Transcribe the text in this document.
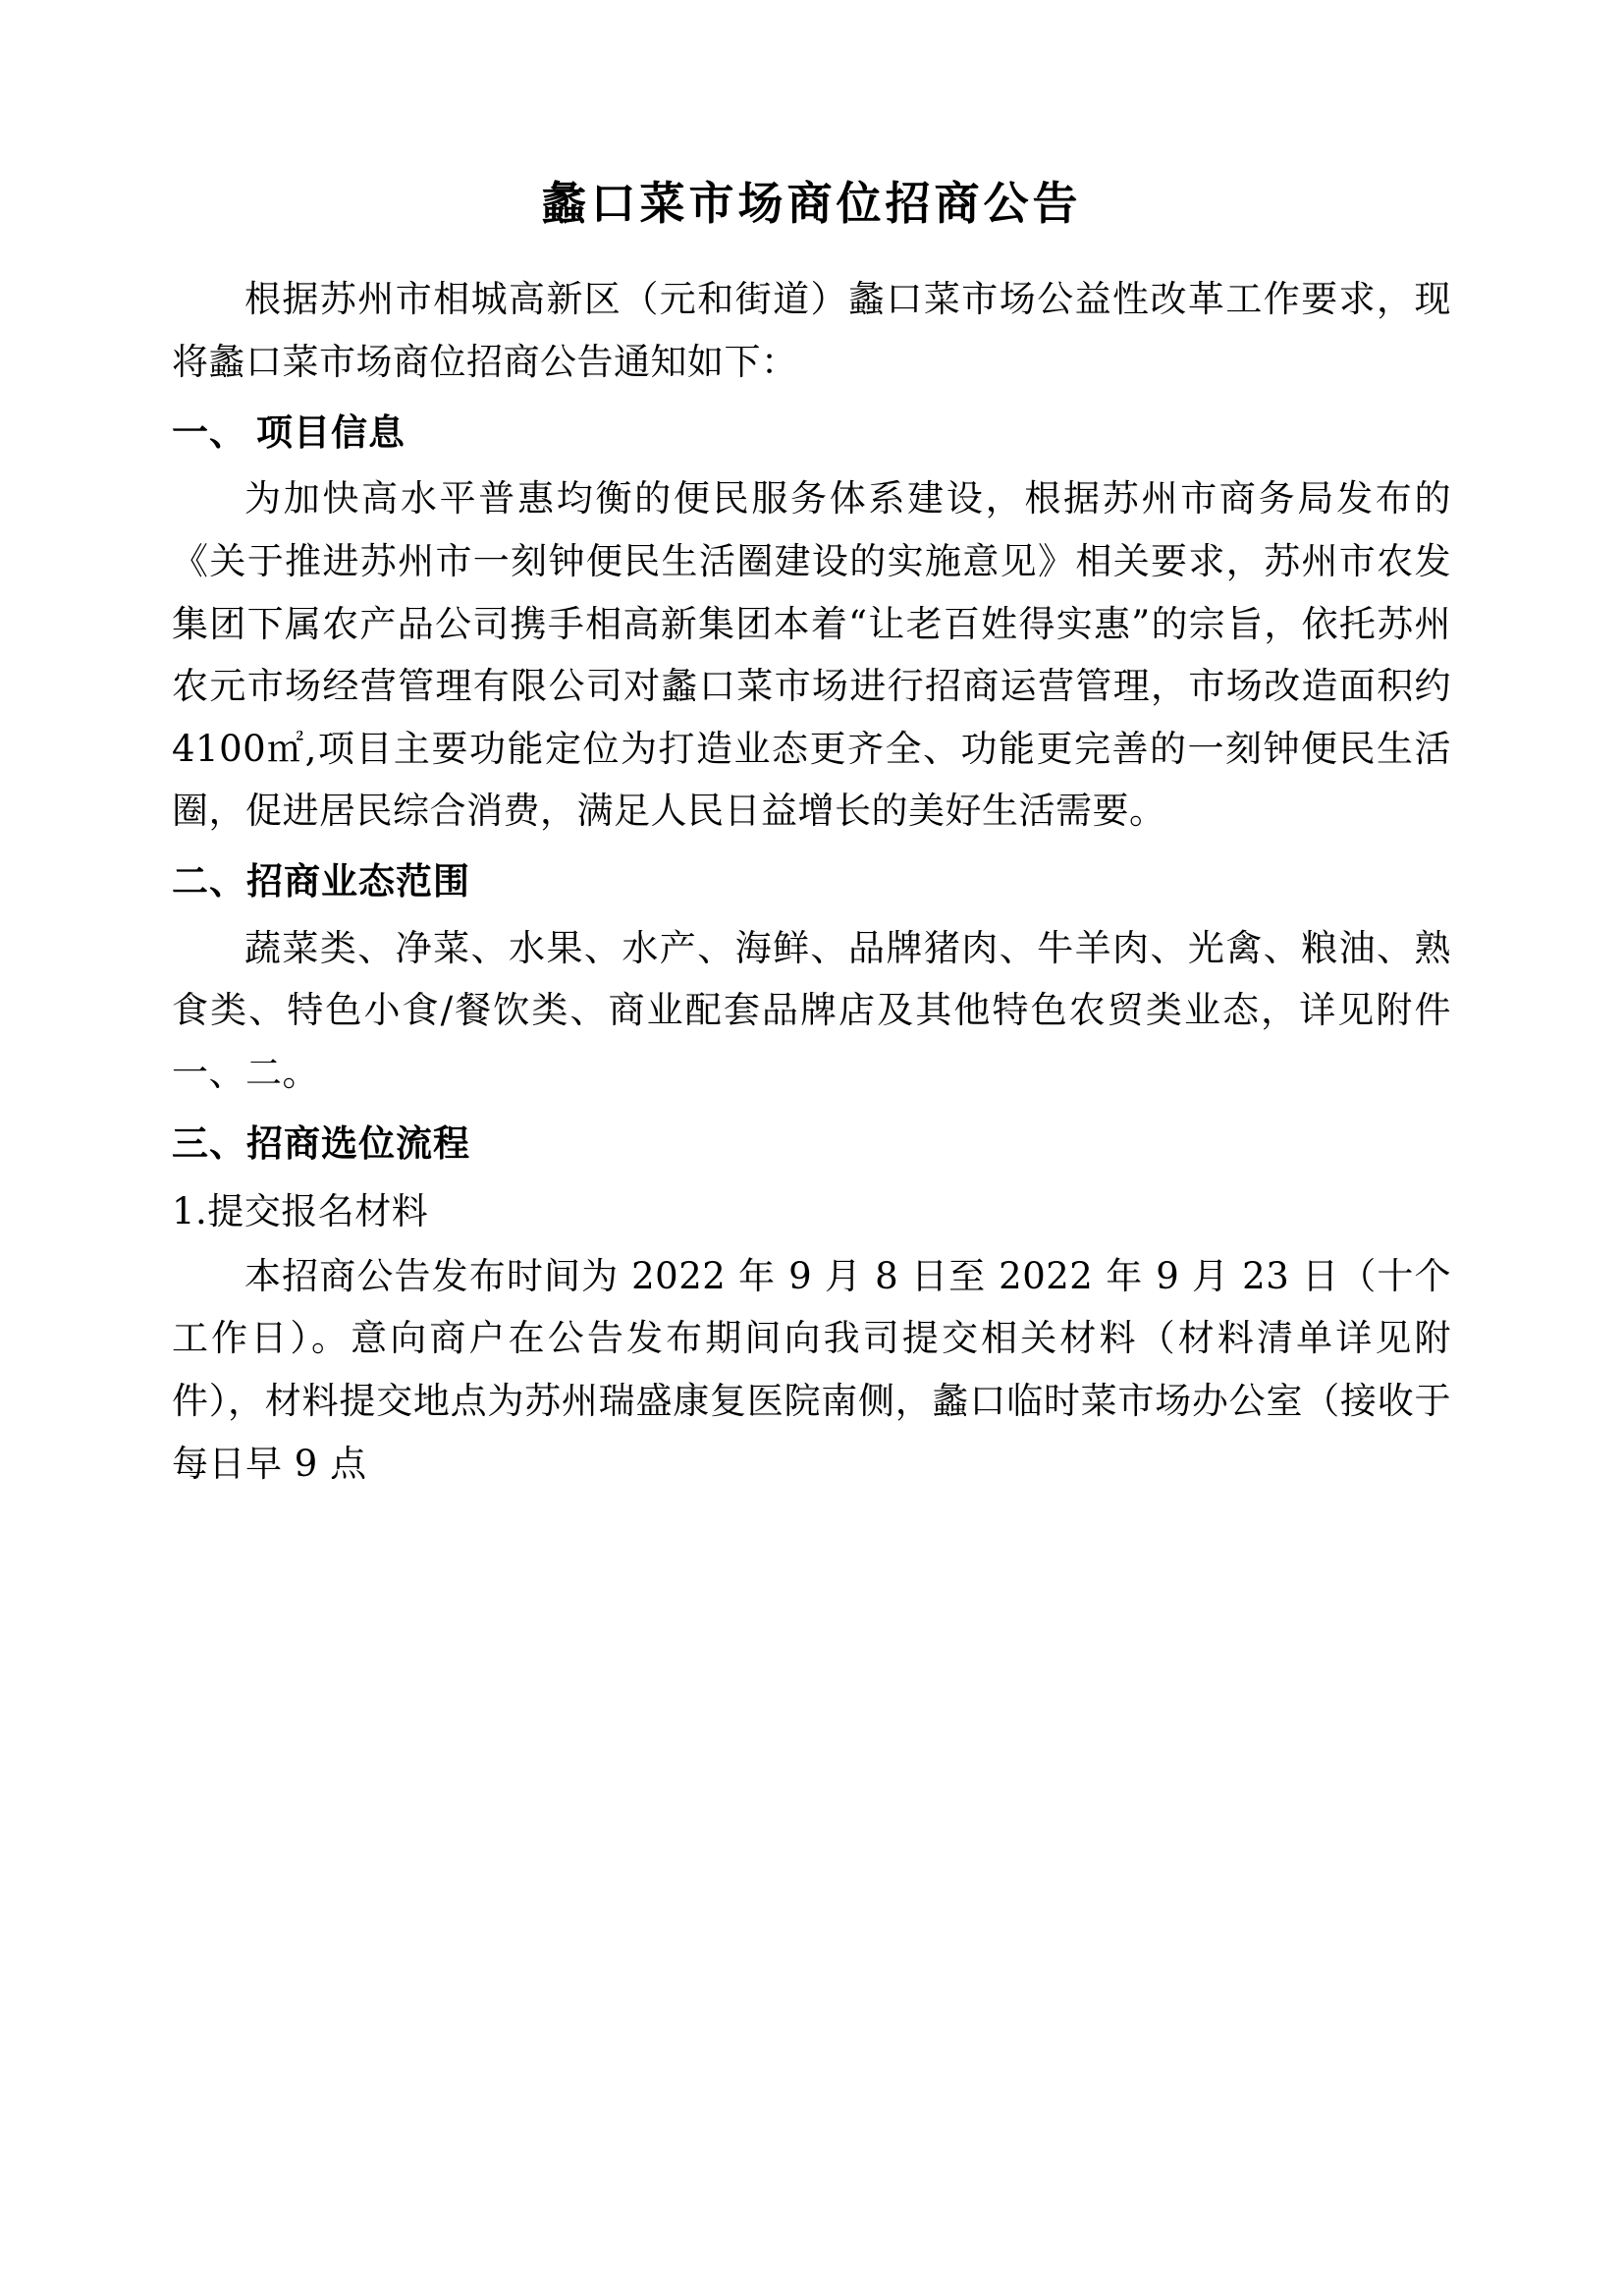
蠡口菜市场商位招商公告

根据苏州市相城高新区（元和街道）蠡口菜市场公益性改革工作要求，现将蠡口菜市场商位招商公告通知如下：

一、 项目信息

为加快高水平普惠均衡的便民服务体系建设，根据苏州市商务局发布的《关于推进苏州市一刻钟便民生活圈建设的实施意见》相关要求，苏州市农发集团下属农产品公司携手相高新集团本着“让老百姓得实惠”的宗旨，依托苏州农元市场经营管理有限公司对蠡口菜市场进行招商运营管理，市场改造面积约4100㎡,项目主要功能定位为打造业态更齐全、功能更完善的一刻钟便民生活圈，促进居民综合消费，满足人民日益增长的美好生活需要。

二、招商业态范围

蔬菜类、净菜、水果、水产、海鲜、品牌猪肉、牛羊肉、光禽、粮油、熟食类、特色小食/餐饮类、商业配套品牌店及其他特色农贸类业态，详见附件一、二。

三、招商选位流程

1.提交报名材料

本招商公告发布时间为 2022 年 9 月 8 日至 2022 年 9 月 23 日（十个工作日）。意向商户在公告发布期间向我司提交相关材料（材料清单详见附件），材料提交地点为苏州瑞盛康复医院南侧，蠡口临时菜市场办公室（接收于每日早 9 点
